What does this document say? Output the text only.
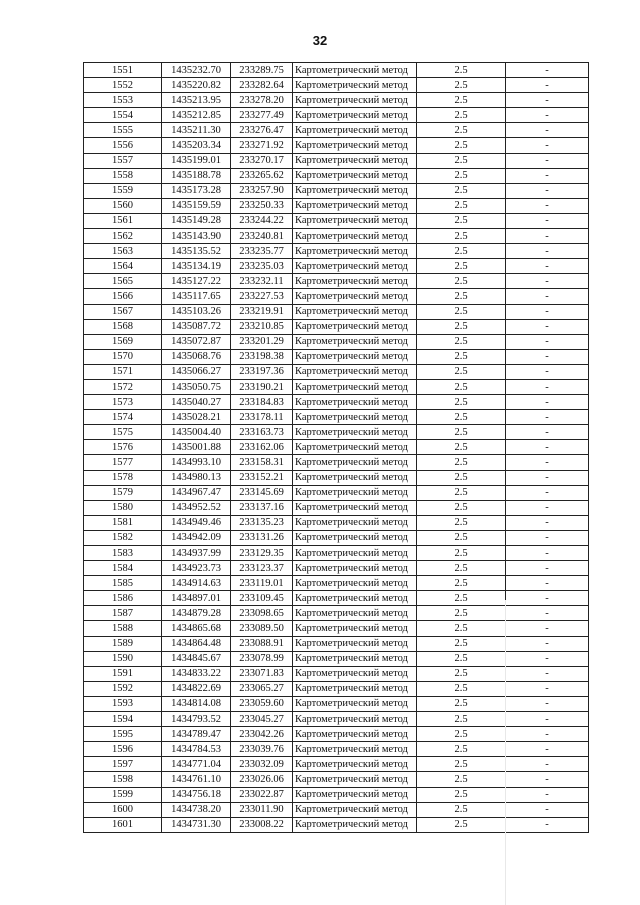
32
1551	1435232.70	233289.75	Картометрический метод	2.5	-
1552	1435220.82	233282.64	Картометрический метод	2.5	-
1553	1435213.95	233278.20	Картометрический метод	2.5	-
1554	1435212.85	233277.49	Картометрический метод	2.5	-
1555	1435211.30	233276.47	Картометрический метод	2.5	-
1556	1435203.34	233271.92	Картометрический метод	2.5	-
1557	1435199.01	233270.17	Картометрический метод	2.5	-
1558	1435188.78	233265.62	Картометрический метод	2.5	-
1559	1435173.28	233257.90	Картометрический метод	2.5	-
1560	1435159.59	233250.33	Картометрический метод	2.5	-
1561	1435149.28	233244.22	Картометрический метод	2.5	-
1562	1435143.90	233240.81	Картометрический метод	2.5	-
1563	1435135.52	233235.77	Картометрический метод	2.5	-
1564	1435134.19	233235.03	Картометрический метод	2.5	-
1565	1435127.22	233232.11	Картометрический метод	2.5	-
1566	1435117.65	233227.53	Картометрический метод	2.5	-
1567	1435103.26	233219.91	Картометрический метод	2.5	-
1568	1435087.72	233210.85	Картометрический метод	2.5	-
1569	1435072.87	233201.29	Картометрический метод	2.5	-
1570	1435068.76	233198.38	Картометрический метод	2.5	-
1571	1435066.27	233197.36	Картометрический метод	2.5	-
1572	1435050.75	233190.21	Картометрический метод	2.5	-
1573	1435040.27	233184.83	Картометрический метод	2.5	-
1574	1435028.21	233178.11	Картометрический метод	2.5	-
1575	1435004.40	233163.73	Картометрический метод	2.5	-
1576	1435001.88	233162.06	Картометрический метод	2.5	-
1577	1434993.10	233158.31	Картометрический метод	2.5	-
1578	1434980.13	233152.21	Картометрический метод	2.5	-
1579	1434967.47	233145.69	Картометрический метод	2.5	-
1580	1434952.52	233137.16	Картометрический метод	2.5	-
1581	1434949.46	233135.23	Картометрический метод	2.5	-
1582	1434942.09	233131.26	Картометрический метод	2.5	-
1583	1434937.99	233129.35	Картометрический метод	2.5	-
1584	1434923.73	233123.37	Картометрический метод	2.5	-
1585	1434914.63	233119.01	Картометрический метод	2.5	-
1586	1434897.01	233109.45	Картометрический метод	2.5	-
1587	1434879.28	233098.65	Картометрический метод	2.5	-
1588	1434865.68	233089.50	Картометрический метод	2.5	-
1589	1434864.48	233088.91	Картометрический метод	2.5	-
1590	1434845.67	233078.99	Картометрический метод	2.5	-
1591	1434833.22	233071.83	Картометрический метод	2.5	-
1592	1434822.69	233065.27	Картометрический метод	2.5	-
1593	1434814.08	233059.60	Картометрический метод	2.5	-
1594	1434793.52	233045.27	Картометрический метод	2.5	-
1595	1434789.47	233042.26	Картометрический метод	2.5	-
1596	1434784.53	233039.76	Картометрический метод	2.5	-
1597	1434771.04	233032.09	Картометрический метод	2.5	-
1598	1434761.10	233026.06	Картометрический метод	2.5	-
1599	1434756.18	233022.87	Картометрический метод	2.5	-
1600	1434738.20	233011.90	Картометрический метод	2.5	-
1601	1434731.30	233008.22	Картометрический метод	2.5	-
